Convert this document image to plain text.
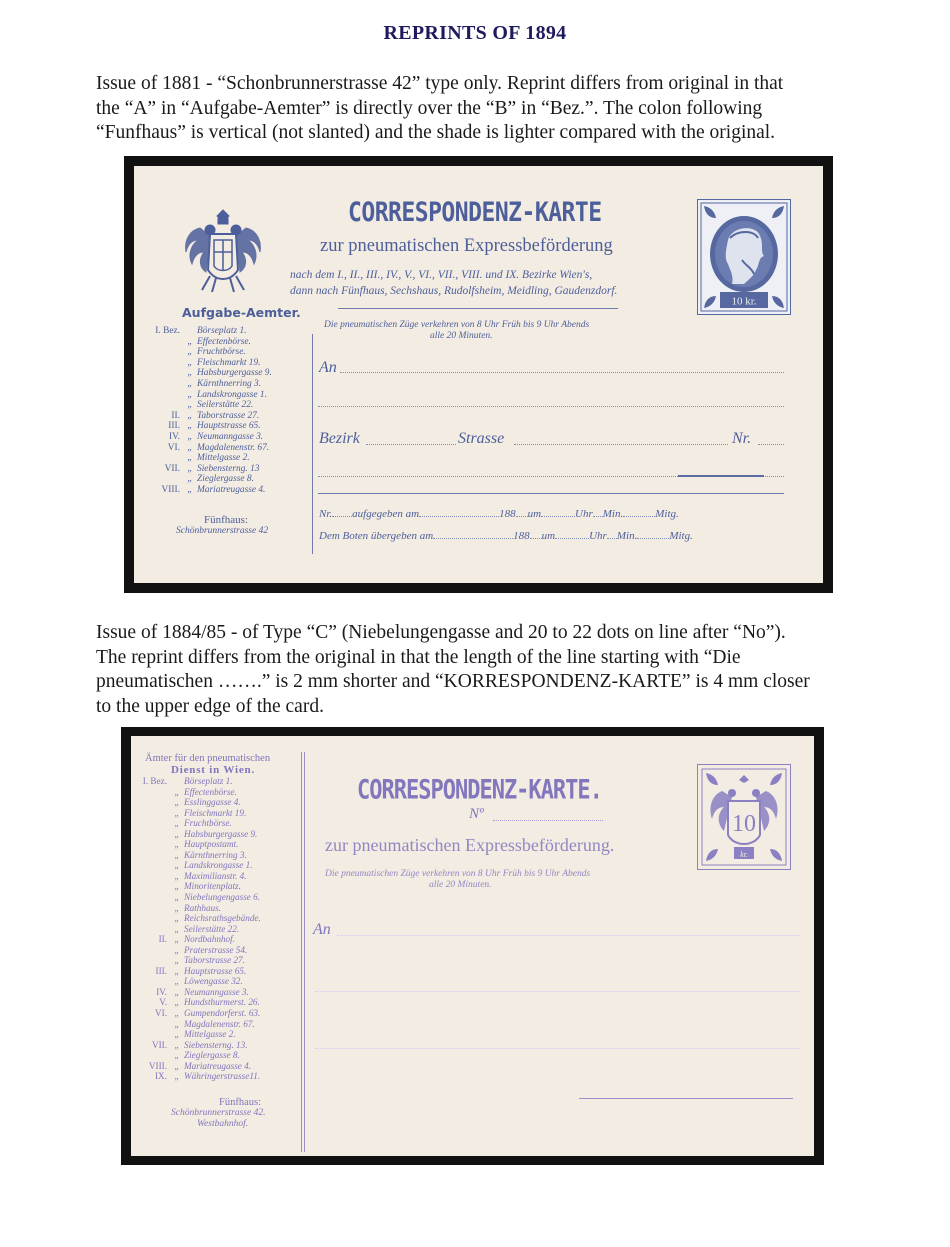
REPRINTS OF 1894

Issue of 1881 - “Schonbrunnerstrasse 42” type only. Reprint differs from original in that

the “A” in “Aufgabe-Aemter” is directly over the “B” in “Bez.”. The colon following

“Funfhaus” is vertical (not slanted) and the shade is lighter compared with the original.

Aufgabe-Aemter.
I. Bez.	Börseplatz 1.
„ Effectenbörse.
„ Fruchtbörse.
„ Fleischmarkt 19.
„ Habsburgergasse 9.
„ Kärnthnerring 3.
„ Landskrongasse 1.
„ Seilerstätte 22.
II. „ Taborstrasse 27.
III. „ Hauptstrasse 65.
IV. „ Neumanngasse 3.
VI. „ Magdalenenstr. 67.
„ Mittelgasse 2.
VII. „ Siebensterng. 13
„ Zieglergasse 8.
VIII. „ Mariatreugasse 4.
Fünfhaus:
Schönbrunnerstrasse 42
CORRESPONDENZ-KARTE
zur pneumatischen Expressbeförderung
nach dem I., II., III., IV., V., VI., VII., VIII. und IX. Bezirke Wien's,
dann nach Fünfhaus, Sechshaus, Rudolfsheim, Meidling, Gaudenzdorf.
Die pneumatischen Züge verkehren von 8 Uhr Früh bis 9 Uhr Abends
alle 20 Minuten.
An
Bezirk	Strasse	Nr.
Nr. aufgegeben am	188 um	Uhr Min.	Mitg.
Dem Boten übergeben am	188 um	Uhr Min.	Mitg.
10 kr.

Issue of 1884/85 - of Type “C” (Niebelungengasse and 20 to 22 dots on line after “No”).

The reprint differs from the original in that the length of the line starting with “Die

pneumatischen …….” is 2 mm shorter and “KORRESPONDENZ-KARTE” is 4 mm closer

to the upper edge of the card.

Ämter für den pneumatischen
Dienst in Wien.
I. Bez.	Börseplatz 1.
„ Effectenbörse.
„ Esslinggasse 4.
„ Fleischmarkt 19.
„ Fruchtbörse.
„ Habsburgergasse 9.
„ Hauptpostamt.
„ Kärnthnerring 3.
„ Landskrongasse 1.
„ Maximilianstr. 4.
„ Minoritenplatz.
„ Niebelungengasse 6.
„ Rathhaus.
„ Reichsrathsgebände.
„ Seilerstätte 22.
II. „ Nordbahnhof.
„ Praterstrasse 54.
„ Taborstrasse 27.
III. „ Hauptstrasse 65.
„ Löwengasse 32.
IV. „ Neumanngasse 3.
V. „ Hundsthurmerst. 26.
VI. „ Gumpendorferst. 63.
„ Magdalenenstr. 67.
„ Mittelgasse 2.
VII. „ Siebensterng. 13.
„ Zieglergasse 8.
VIII. „ Mariatreugasse 4.
IX. „ Währingerstrasse11.
Fünfhaus:
Schönbrunnerstrasse 42.
Westbahnhof.
CORRESPONDENZ-KARTE.
Nº
zur pneumatischen Expressbeförderung.
Die pneumatischen Züge verkehren von 8 Uhr Früh bis 9 Uhr Abends
alle 20 Minuten.
An
10
kr.
